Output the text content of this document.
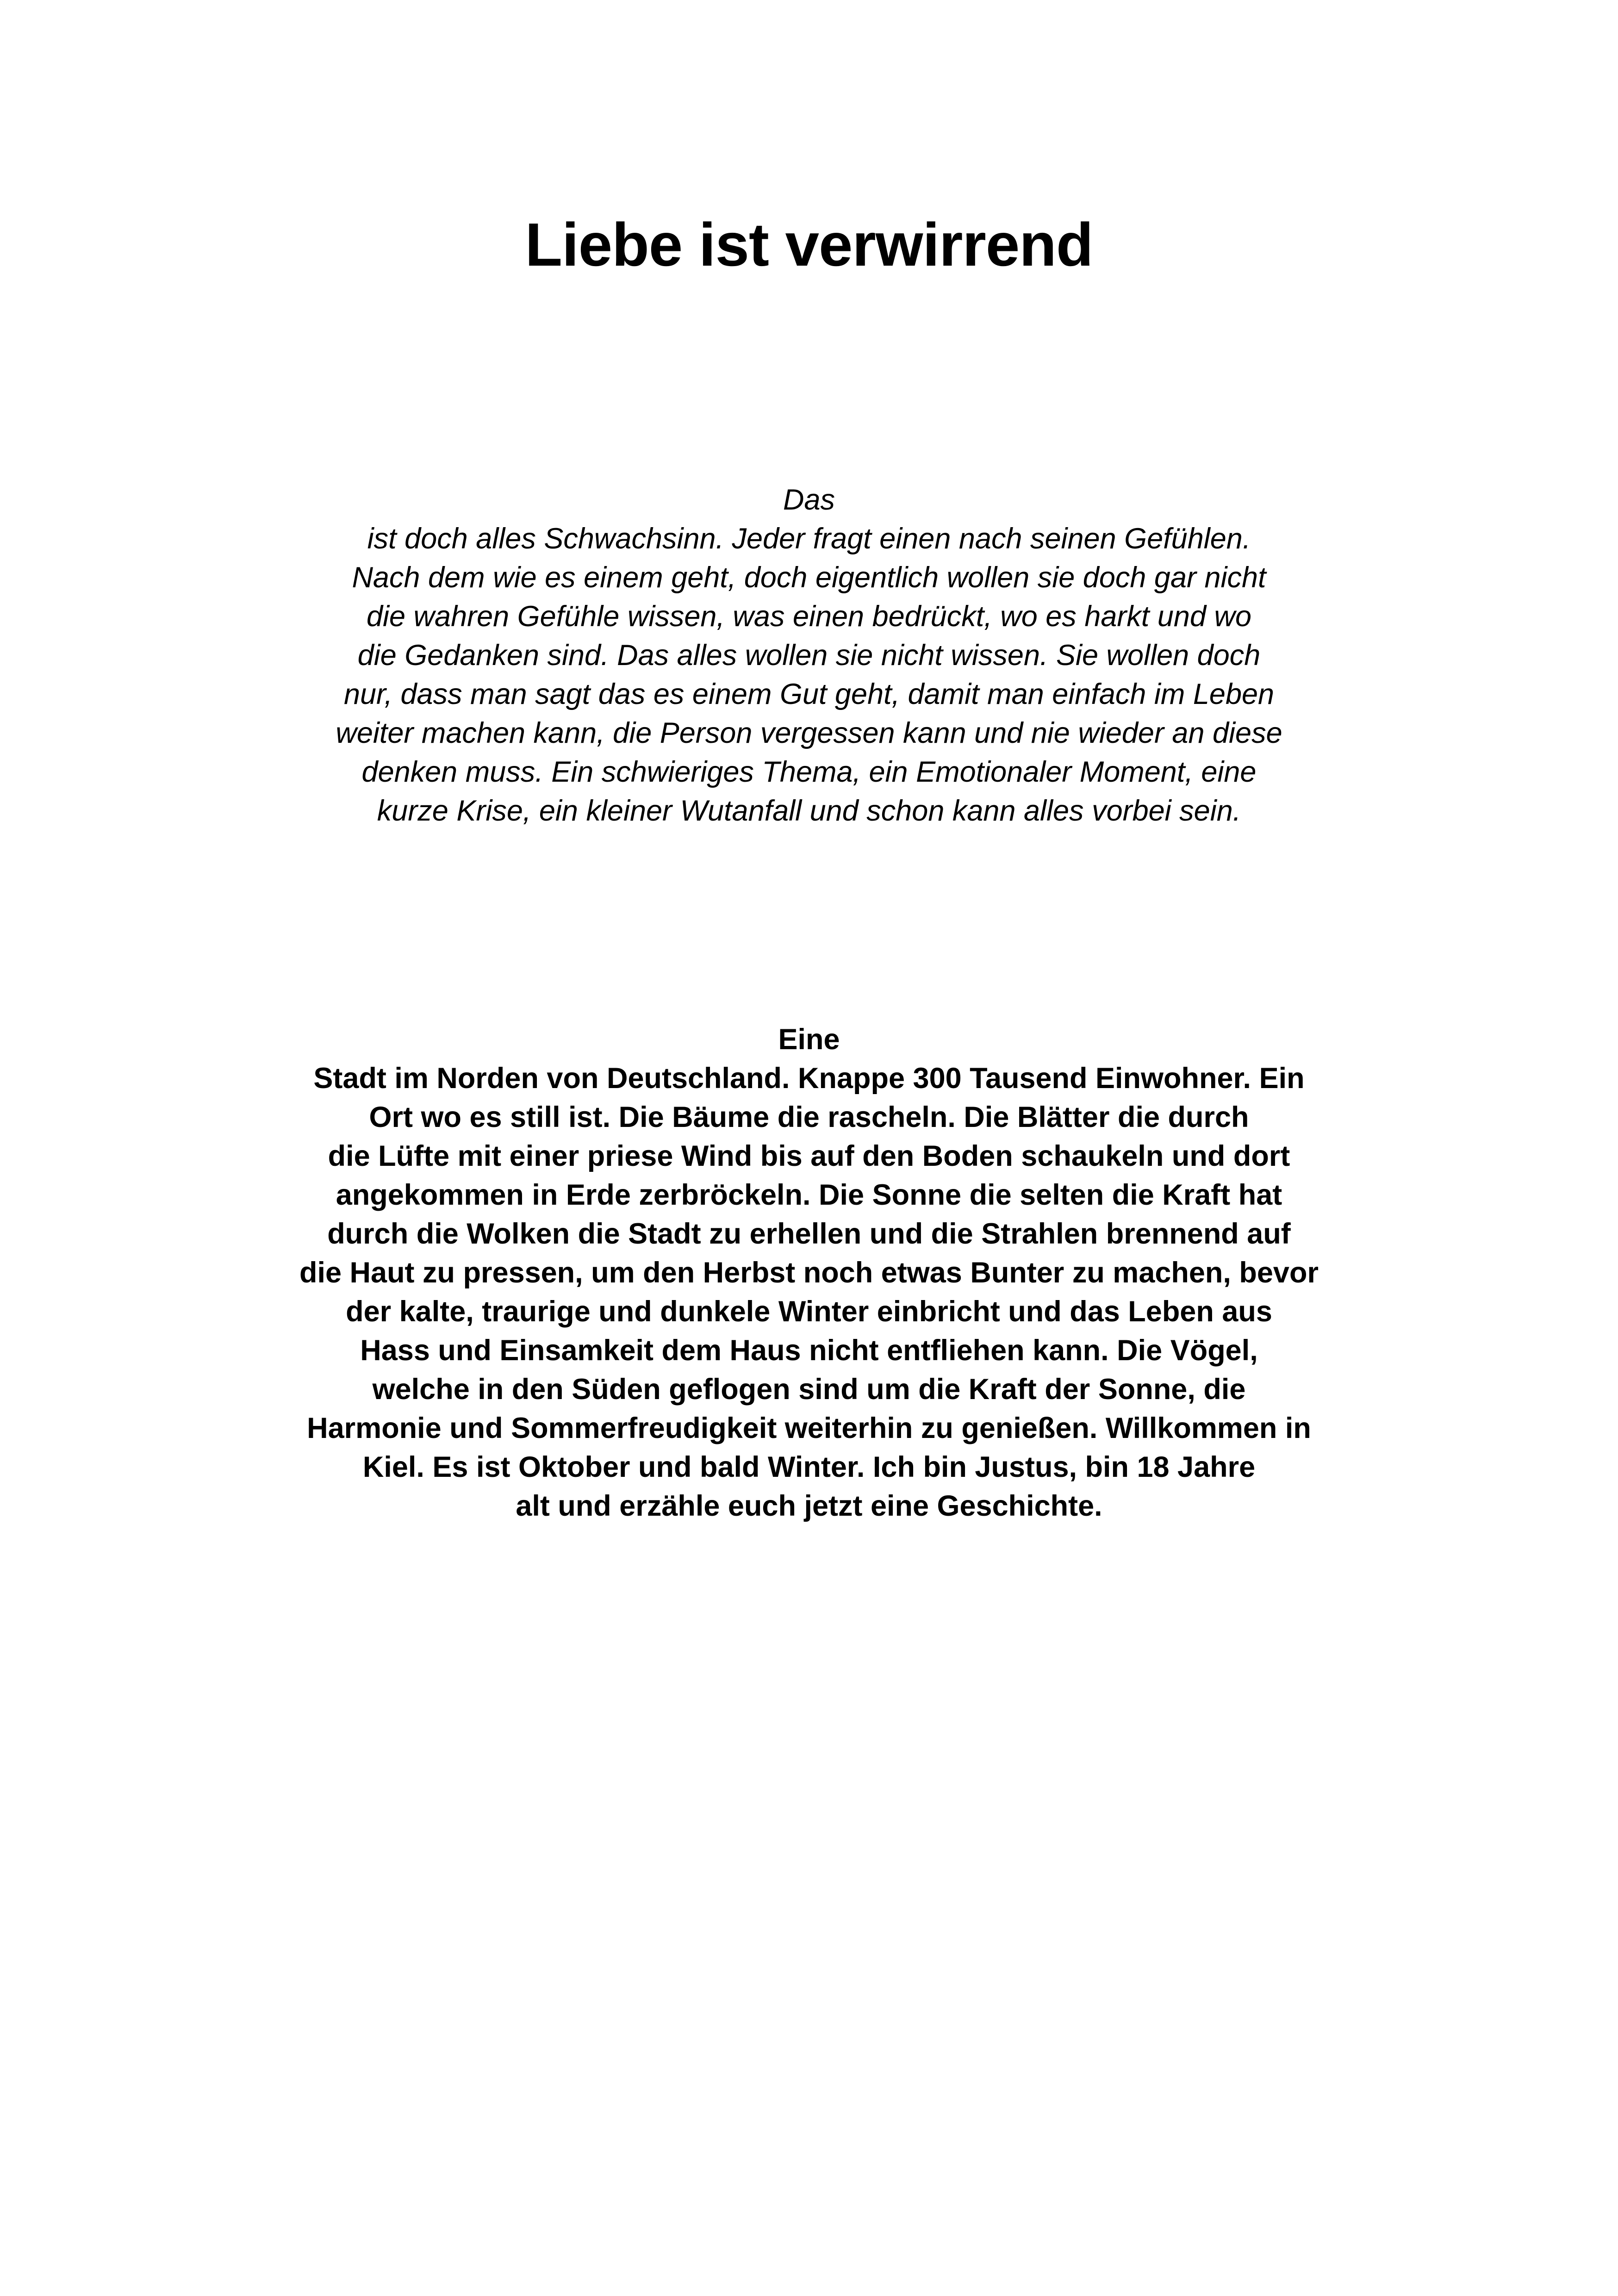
Liebe ist verwirrend

Das
ist doch alles Schwachsinn. Jeder fragt einen nach seinen Gefühlen.
Nach dem wie es einem geht, doch eigentlich wollen sie doch gar nicht
die wahren Gefühle wissen, was einen bedrückt, wo es harkt und wo
die Gedanken sind. Das alles wollen sie nicht wissen. Sie wollen doch
nur, dass man sagt das es einem Gut geht, damit man einfach im Leben
weiter machen kann, die Person vergessen kann und nie wieder an diese
denken muss. Ein schwieriges Thema, ein Emotionaler Moment, eine
kurze Krise, ein kleiner Wutanfall und schon kann alles vorbei sein.

Eine
Stadt im Norden von Deutschland. Knappe 300 Tausend Einwohner. Ein
Ort wo es still ist. Die Bäume die rascheln. Die Blätter die durch
die Lüfte mit einer priese Wind bis auf den Boden schaukeln und dort
angekommen in Erde zerbröckeln. Die Sonne die selten die Kraft hat
durch die Wolken die Stadt zu erhellen und die Strahlen brennend auf
die Haut zu pressen, um den Herbst noch etwas Bunter zu machen, bevor
der kalte, traurige und dunkele Winter einbricht und das Leben aus
Hass und Einsamkeit dem Haus nicht entfliehen kann. Die Vögel,
welche in den Süden geflogen sind um die Kraft der Sonne, die
Harmonie und Sommerfreudigkeit weiterhin zu genießen. Willkommen in
Kiel. Es ist Oktober und bald Winter. Ich bin Justus, bin 18 Jahre
alt und erzähle euch jetzt eine Geschichte.
